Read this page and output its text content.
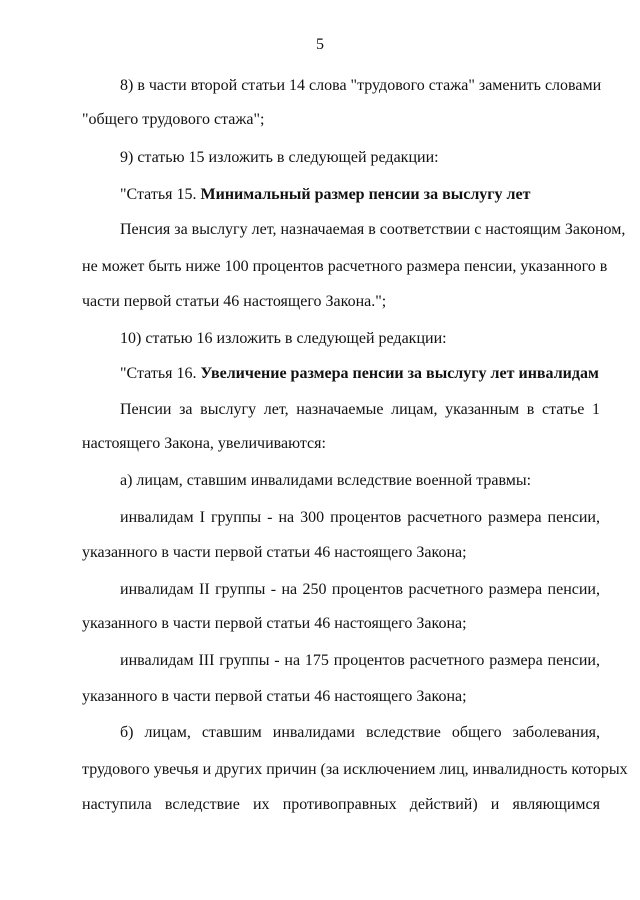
5
8) в части второй статьи 14 слова "трудового стажа" заменить словами
"общего трудового стажа";
9) статью 15 изложить в следующей редакции:
"Статья 15. Минимальный размер пенсии за выслугу лет
Пенсия за выслугу лет, назначаемая в соответствии с настоящим Законом,
не может быть ниже 100 процентов расчетного размера пенсии, указанного в
части первой статьи 46 настоящего Закона.";
10) статью 16 изложить в следующей редакции:
"Статья 16. Увеличение размера пенсии за выслугу лет инвалидам
Пенсии за выслугу лет, назначаемые лицам, указанным в статье 1
настоящего Закона, увеличиваются:
а) лицам, ставшим инвалидами вследствие военной травмы:
инвалидам I группы - на 300 процентов расчетного размера пенсии,
указанного в части первой статьи 46 настоящего Закона;
инвалидам II группы - на 250 процентов расчетного размера пенсии,
указанного в части первой статьи 46 настоящего Закона;
инвалидам III группы - на 175 процентов расчетного размера пенсии,
указанного в части первой статьи 46 настоящего Закона;
б) лицам, ставшим инвалидами вследствие общего заболевания,
трудового увечья и других причин (за исключением лиц, инвалидность которых
наступила вследствие их противоправных действий) и являющимся
